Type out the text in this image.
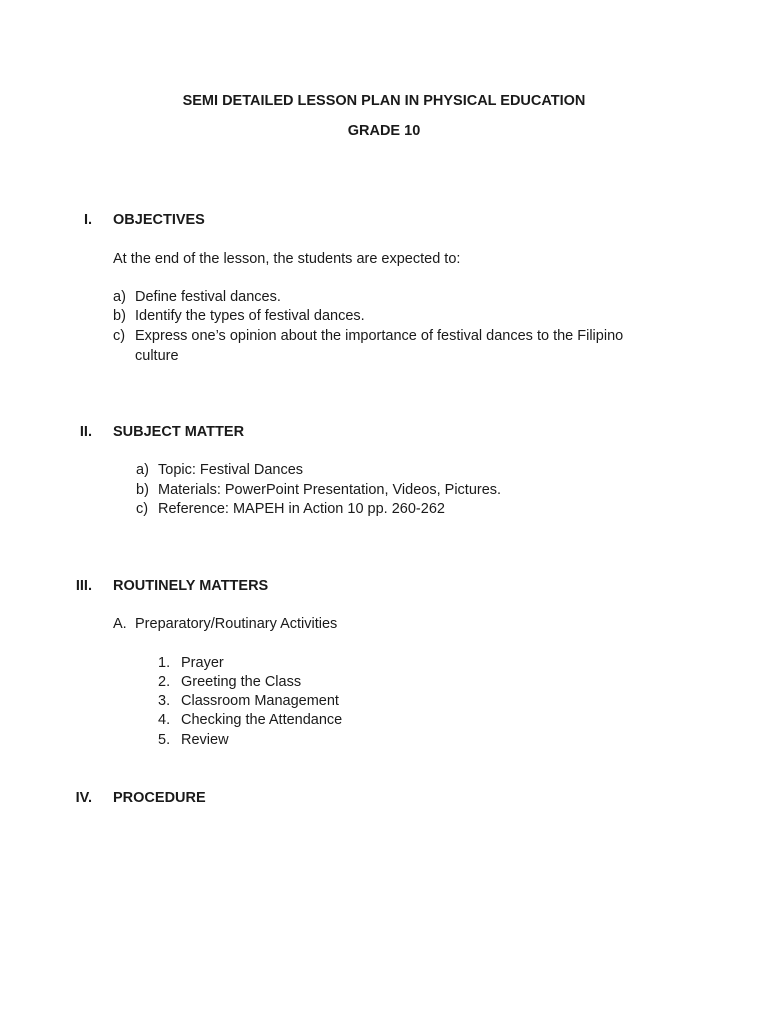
SEMI DETAILED LESSON PLAN IN PHYSICAL EDUCATION
GRADE 10
I. OBJECTIVES
At the end of the lesson, the students are expected to:
a) Define festival dances.
b) Identify the types of festival dances.
c) Express one’s opinion about the importance of festival dances to the Filipino
culture
II. SUBJECT MATTER
a) Topic: Festival Dances
b) Materials: PowerPoint Presentation, Videos, Pictures.
c) Reference: MAPEH in Action 10 pp. 260-262
III. ROUTINELY MATTERS
A. Preparatory/Routinary Activities
1. Prayer
2. Greeting the Class
3. Classroom Management
4. Checking the Attendance
5. Review
IV. PROCEDURE
